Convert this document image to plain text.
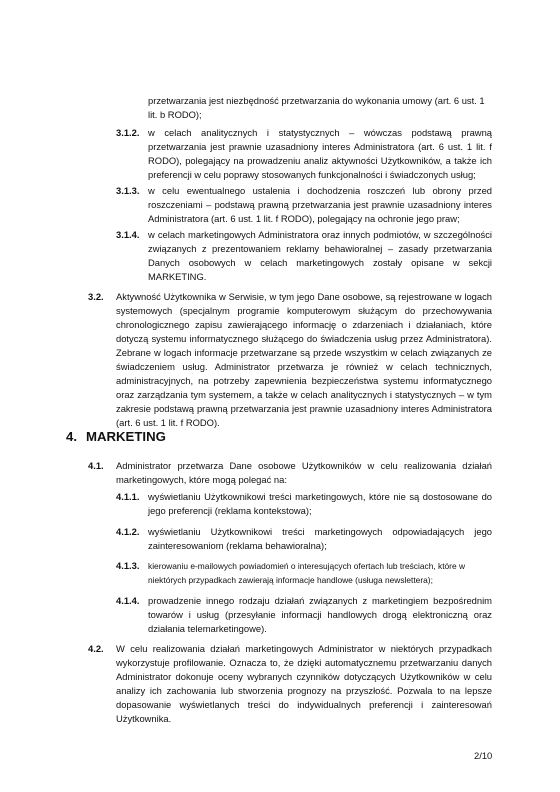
przetwarzania jest niezbędność przetwarzania do wykonania umowy (art. 6 ust. 1 lit. b RODO);
3.1.2. w celach analitycznych i statystycznych – wówczas podstawą prawną przetwarzania jest prawnie uzasadniony interes Administratora (art. 6 ust. 1 lit. f RODO), polegający na prowadzeniu analiz aktywności Użytkowników, a także ich preferencji w celu poprawy stosowanych funkcjonalności i świadczonych usług;
3.1.3. w celu ewentualnego ustalenia i dochodzenia roszczeń lub obrony przed roszczeniami – podstawą prawną przetwarzania jest prawnie uzasadniony interes Administratora (art. 6 ust. 1 lit. f RODO), polegający na ochronie jego praw;
3.1.4. w celach marketingowych Administratora oraz innych podmiotów, w szczególności związanych z prezentowaniem reklamy behawioralnej – zasady przetwarzania Danych osobowych w celach marketingowych zostały opisane w sekcji MARKETING.
3.2. Aktywność Użytkownika w Serwisie, w tym jego Dane osobowe, są rejestrowane w logach systemowych (specjalnym programie komputerowym służącym do przechowywania chronologicznego zapisu zawierającego informację o zdarzeniach i działaniach, które dotyczą systemu informatycznego służącego do świadczenia usług przez Administratora). Zebrane w logach informacje przetwarzane są przede wszystkim w celach związanych ze świadczeniem usług. Administrator przetwarza je również w celach technicznych, administracyjnych, na potrzeby zapewnienia bezpieczeństwa systemu informatycznego oraz zarządzania tym systemem, a także w celach analitycznych i statystycznych – w tym zakresie podstawą prawną przetwarzania jest prawnie uzasadniony interes Administratora (art. 6 ust. 1 lit. f RODO).
4. MARKETING
4.1. Administrator przetwarza Dane osobowe Użytkowników w celu realizowania działań marketingowych, które mogą polegać na:
4.1.1. wyświetlaniu Użytkownikowi treści marketingowych, które nie są dostosowane do jego preferencji (reklama kontekstowa);
4.1.2. wyświetlaniu Użytkownikowi treści marketingowych odpowiadających jego zainteresowaniom (reklama behawioralna);
4.1.3. kierowaniu e-mailowych powiadomień o interesujących ofertach lub treściach, które w niektórych przypadkach zawierają informacje handlowe (usługa newslettera);
4.1.4. prowadzenie innego rodzaju działań związanych z marketingiem bezpośrednim towarów i usług (przesyłanie informacji handlowych drogą elektroniczną oraz działania telemarketingowe).
4.2. W celu realizowania działań marketingowych Administrator w niektórych przypadkach wykorzystuje profilowanie. Oznacza to, że dzięki automatycznemu przetwarzaniu danych Administrator dokonuje oceny wybranych czynników dotyczących Użytkowników w celu analizy ich zachowania lub stworzenia prognozy na przyszłość. Pozwala to na lepsze dopasowanie wyświetlanych treści do indywidualnych preferencji i zainteresowań Użytkownika.
2/10
